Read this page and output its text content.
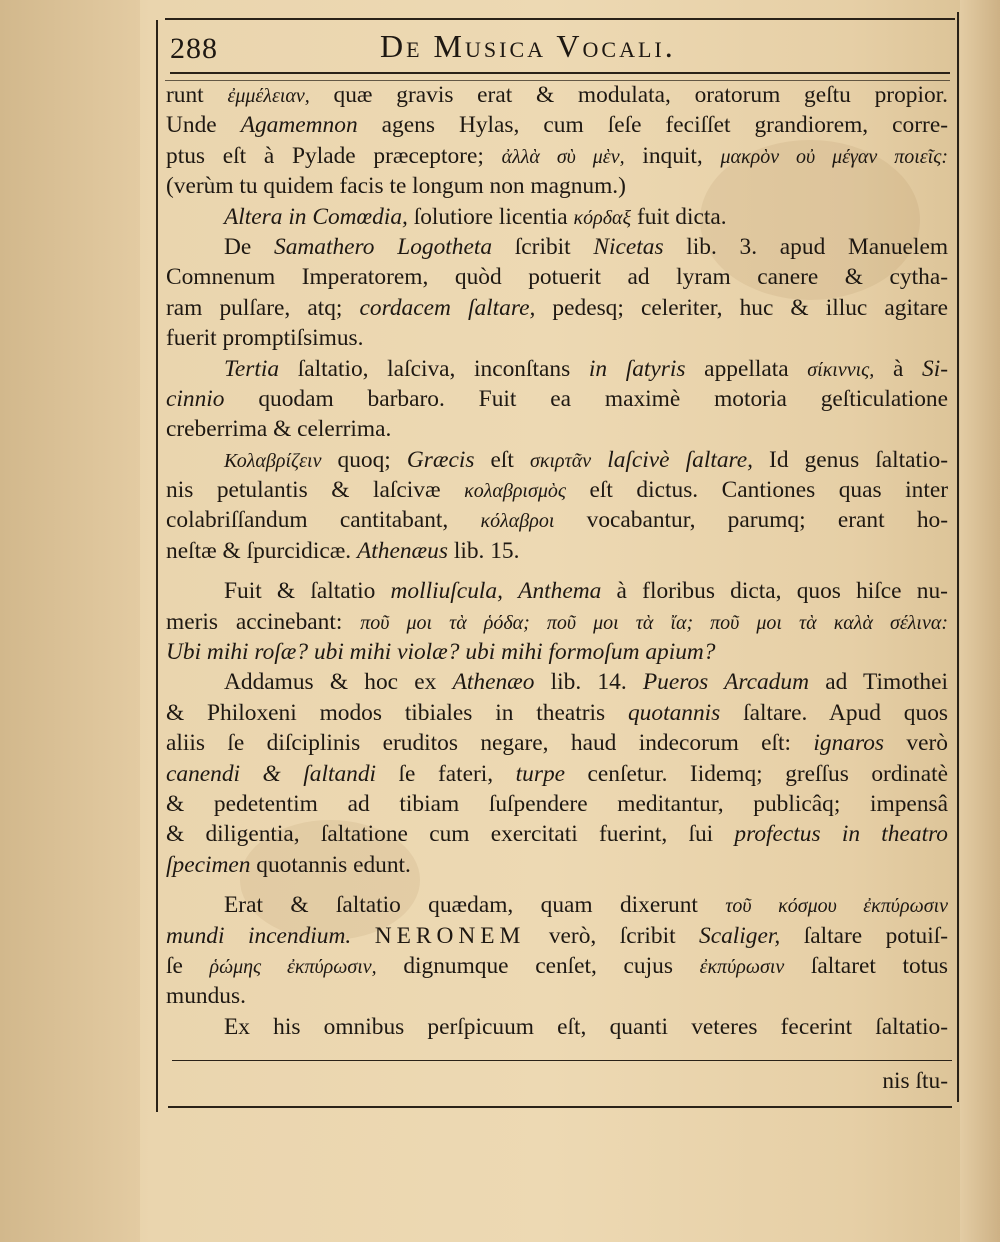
288	De Musica Vocali.
runt ἐμμέλειαν, quæ gravis erat & modulata, oratorum geſtu propior.
Unde Agamemnon agens Hylas, cum ſeſe feciſſet grandiorem, corre-
ptus eſt à Pylade præceptore; ἀλλὰ σὺ μὲν, inquit, μακρὸν οὐ μέγαν ποιεῖς:
(verùm tu quidem facis te longum non magnum.)
Altera in Comœdia, ſolutiore licentia κόρδαξ fuit dicta.
De Samathero Logotheta ſcribit Nicetas lib. 3. apud Manuelem
Comnenum Imperatorem, quòd potuerit ad lyram canere & cytha-
ram pulſare, atq; cordacem ſaltare, pedesq; celeriter, huc & illuc agitare
fuerit promptiſsimus.
Tertia ſaltatio, laſciva, inconſtans in ſatyris appellata σίκιννις, à Si-
cinnio quodam barbaro. Fuit ea maximè motoria geſticulatione
creberrima & celerrima.
Κολαβρίζειν quoq; Græcis eſt σκιρτᾶν laſcivè ſaltare, Id genus ſaltatio-
nis petulantis & laſcivæ κολαβρισμὸς eſt dictus. Cantiones quas inter
colabriſſandum cantitabant, κόλαβροι vocabantur, parumq; erant ho-
neſtæ & ſpurcidicæ. Athenæus lib. 15.
Fuit & ſaltatio molliuſcula, Anthema à floribus dicta, quos hiſce nu-
meris accinebant: ποῦ μοι τὰ ῥόδα; ποῦ μοι τὰ ἴα; ποῦ μοι τὰ καλὰ σέλινα:
Ubi mihi roſæ? ubi mihi violæ? ubi mihi formoſum apium?
Addamus & hoc ex Athenæo lib. 14. Pueros Arcadum ad Timothei
& Philoxeni modos tibiales in theatris quotannis ſaltare. Apud quos
aliis ſe diſciplinis eruditos negare, haud indecorum eſt: ignaros verò
canendi & ſaltandi ſe fateri, turpe cenſetur. Iidemq; greſſus ordinatè
& pedetentim ad tibiam ſuſpendere meditantur, publicâq; impensâ
& diligentia, ſaltatione cum exercitati fuerint, ſui profectus in theatro
ſpecimen quotannis edunt.
Erat & ſaltatio quædam, quam dixerunt τοῦ κόσμου ἐκπύρωσιν
mundi incendium. NERONEM verò, ſcribit Scaliger, ſaltare potuiſ-
ſe ῥώμης ἐκπύρωσιν, dignumque cenſet, cujus ἐκπύρωσιν ſaltaret totus
mundus.
Ex his omnibus perſpicuum eſt, quanti veteres fecerint ſaltatio-
nis ſtu-
